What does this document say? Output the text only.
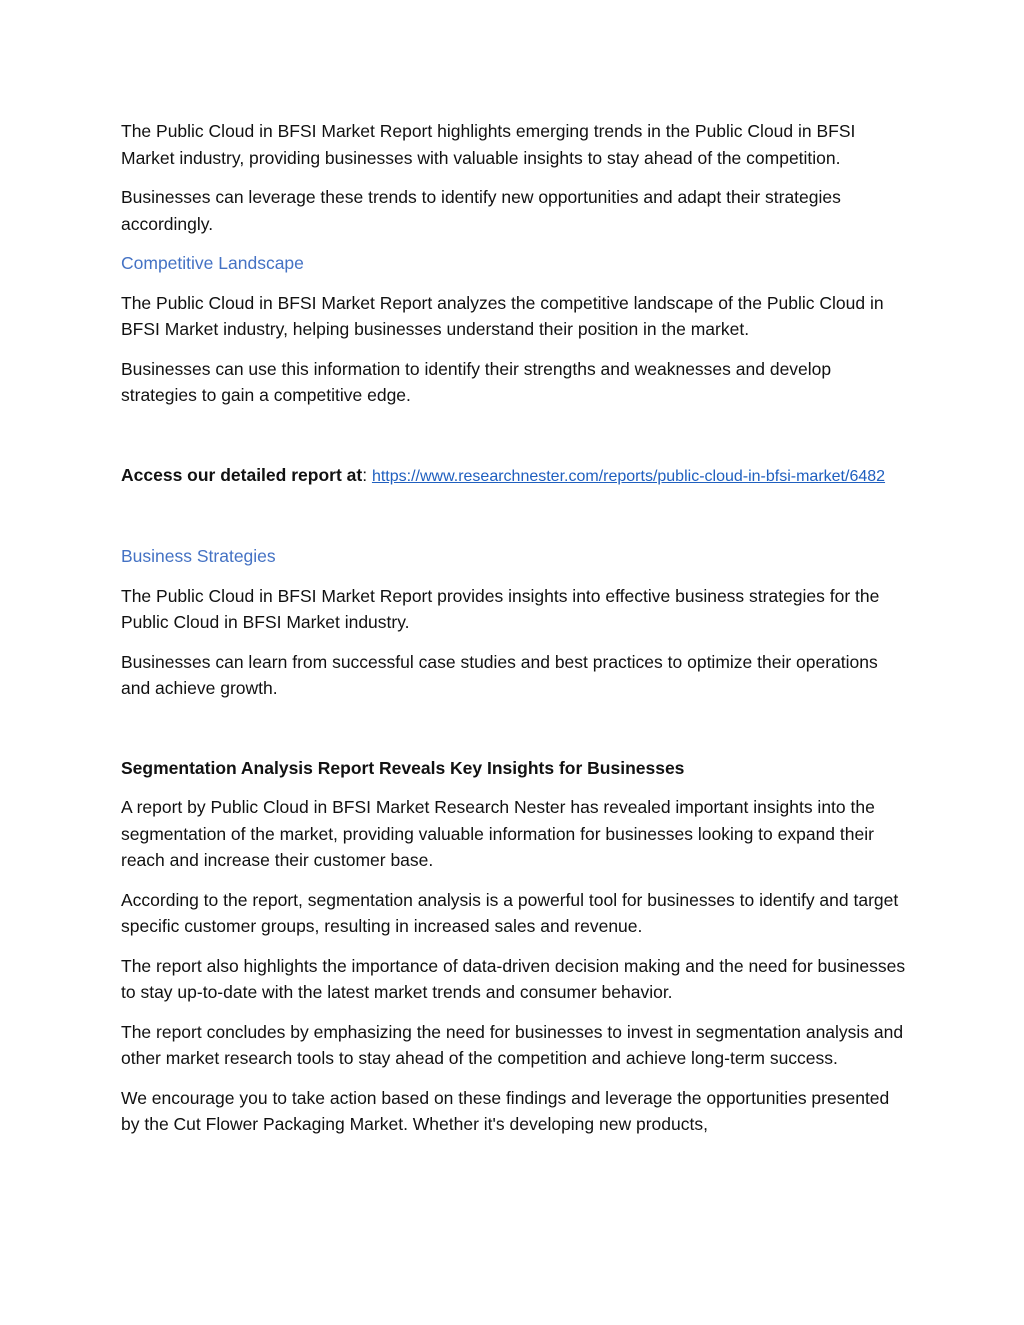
The Public Cloud in BFSI Market Report highlights emerging trends in the Public Cloud in BFSI Market industry, providing businesses with valuable insights to stay ahead of the competition.

Businesses can leverage these trends to identify new opportunities and adapt their strategies accordingly.

Competitive Landscape

The Public Cloud in BFSI Market Report analyzes the competitive landscape of the Public Cloud in BFSI Market industry, helping businesses understand their position in the market.

Businesses can use this information to identify their strengths and weaknesses and develop strategies to gain a competitive edge.

Access our detailed report at: https://www.researchnester.com/reports/public-cloud-in-bfsi-market/6482

Business Strategies

The Public Cloud in BFSI Market Report provides insights into effective business strategies for the Public Cloud in BFSI Market industry.

Businesses can learn from successful case studies and best practices to optimize their operations and achieve growth.

Segmentation Analysis Report Reveals Key Insights for Businesses

A report by Public Cloud in BFSI Market Research Nester has revealed important insights into the segmentation of the market, providing valuable information for businesses looking to expand their reach and increase their customer base.

According to the report, segmentation analysis is a powerful tool for businesses to identify and target specific customer groups, resulting in increased sales and revenue.

The report also highlights the importance of data-driven decision making and the need for businesses to stay up-to-date with the latest market trends and consumer behavior.

The report concludes by emphasizing the need for businesses to invest in segmentation analysis and other market research tools to stay ahead of the competition and achieve long-term success.

We encourage you to take action based on these findings and leverage the opportunities presented by the Cut Flower Packaging Market. Whether it's developing new products,
